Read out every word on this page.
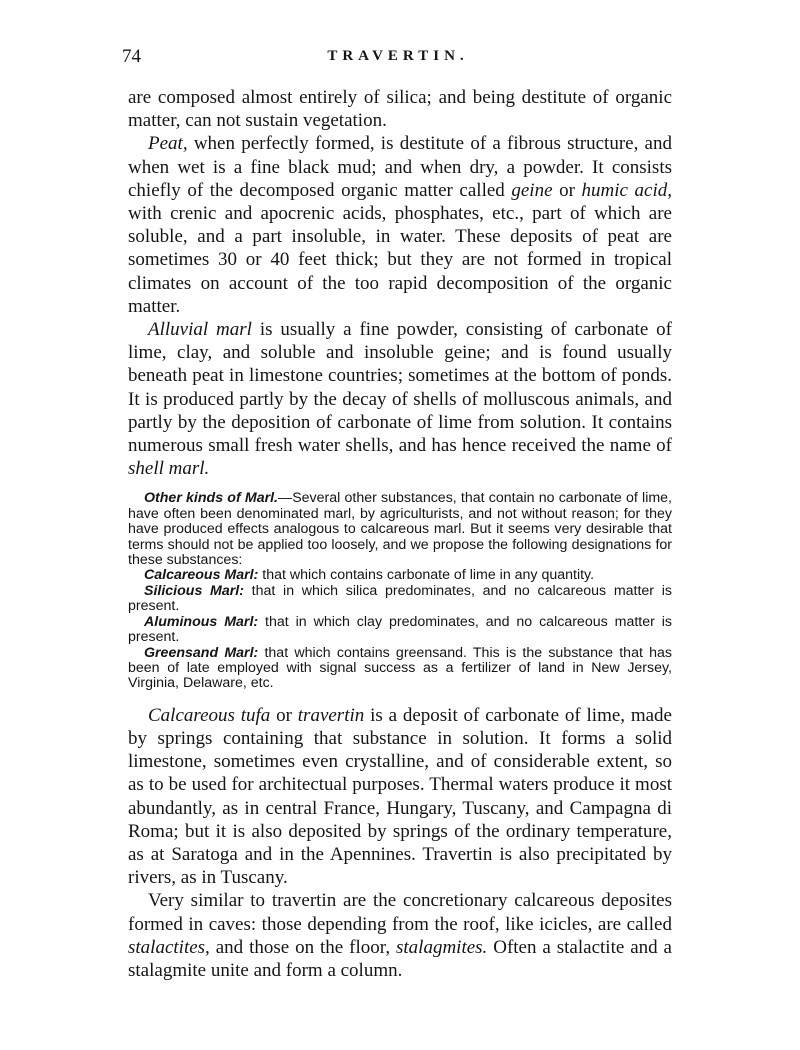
74	TRAVERTIN.

are composed almost entirely of silica; and being destitute of organic matter, can not sustain vegetation.

Peat, when perfectly formed, is destitute of a fibrous structure, and when wet is a fine black mud; and when dry, a powder. It consists chiefly of the decomposed organic matter called geine or humic acid, with crenic and apocrenic acids, phosphates, etc., part of which are soluble, and a part insoluble, in water. These deposits of peat are sometimes 30 or 40 feet thick; but they are not formed in tropical climates on account of the too rapid decomposition of the organic matter.

Alluvial marl is usually a fine powder, consisting of carbonate of lime, clay, and soluble and insoluble geine; and is found usually beneath peat in limestone countries; sometimes at the bottom of ponds. It is produced partly by the decay of shells of molluscous animals, and partly by the deposition of carbonate of lime from solution. It contains numerous small fresh water shells, and has hence received the name of shell marl.

Other kinds of Marl.—Several other substances, that contain no carbonate of lime, have often been denominated marl, by agriculturists, and not without reason; for they have produced effects analogous to calcareous marl. But it seems very desirable that terms should not be applied too loosely, and we propose the following designations for these substances:

Calcareous Marl: that which contains carbonate of lime in any quantity.

Silicious Marl: that in which silica predominates, and no calcareous matter is present.

Aluminous Marl: that in which clay predominates, and no calcareous matter is present.

Greensand Marl: that which contains greensand. This is the substance that has been of late employed with signal success as a fertilizer of land in New Jersey, Virginia, Delaware, etc.

Calcareous tufa or travertin is a deposit of carbonate of lime, made by springs containing that substance in solution. It forms a solid limestone, sometimes even crystalline, and of considerable extent, so as to be used for architectual purposes. Thermal waters produce it most abundantly, as in central France, Hungary, Tuscany, and Campagna di Roma; but it is also deposited by springs of the ordinary temperature, as at Saratoga and in the Apennines. Travertin is also precipitated by rivers, as in Tuscany.

Very similar to travertin are the concretionary calcareous deposites formed in caves: those depending from the roof, like icicles, are called stalactites, and those on the floor, stalagmites. Often a stalactite and a stalagmite unite and form a column.
